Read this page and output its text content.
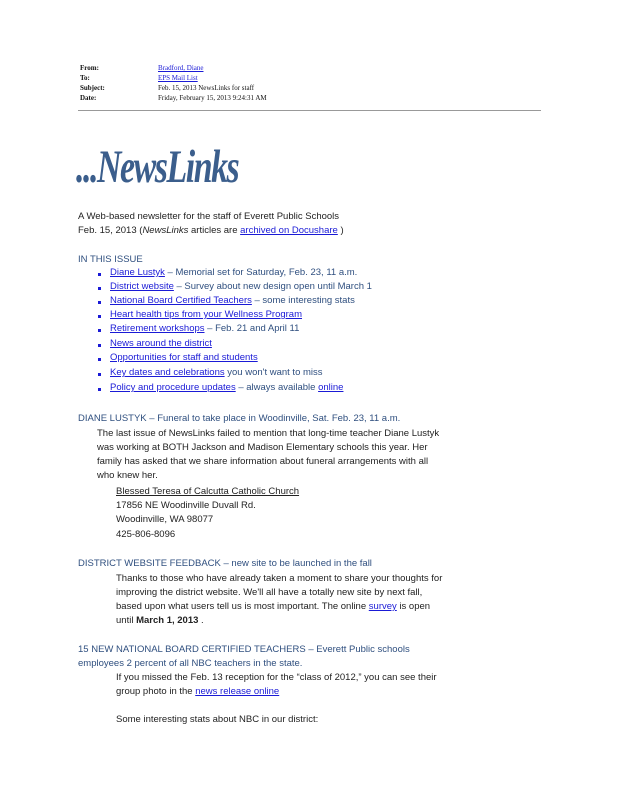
From:	Bradford, Diane
To:	EPS Mail List
Subject:	Feb. 15, 2013 NewsLinks for staff
Date:	Friday, February 15, 2013 9:24:31 AM
...NewsLinks
A Web-based newsletter for the staff of Everett Public Schools
Feb. 15, 2013 (NewsLinks articles are archived on Docushare )
IN THIS ISSUE
Diane Lustyk – Memorial set for Saturday, Feb. 23, 11 a.m.
District website – Survey about new design open until March 1
National Board Certified Teachers – some interesting stats
Heart health tips from your Wellness Program
Retirement workshops – Feb. 21 and April 11
News around the district
Opportunities for staff and students
Key dates and celebrations you won't want to miss
Policy and procedure updates – always available online
DIANE LUSTYK – Funeral to take place in Woodinville, Sat. Feb. 23, 11 a.m.
The last issue of NewsLinks failed to mention that long-time teacher Diane Lustyk
was working at BOTH Jackson and Madison Elementary schools this year. Her
family has asked that we share information about funeral arrangements with all
who knew her.
Blessed Teresa of Calcutta Catholic Church
17856 NE Woodinville Duvall Rd.
Woodinville, WA 98077
425-806-8096
DISTRICT WEBSITE FEEDBACK – new site to be launched in the fall
Thanks to those who have already taken a moment to share your thoughts for
improving the district website. We'll all have a totally new site by next fall,
based upon what users tell us is most important. The online survey is open
until March 1, 2013 .
15 NEW NATIONAL BOARD CERTIFIED TEACHERS – Everett Public schools
employees 2 percent of all NBC teachers in the state.
If you missed the Feb. 13 reception for the “class of 2012,” you can see their
group photo in the news release online
Some interesting stats about NBC in our district:
